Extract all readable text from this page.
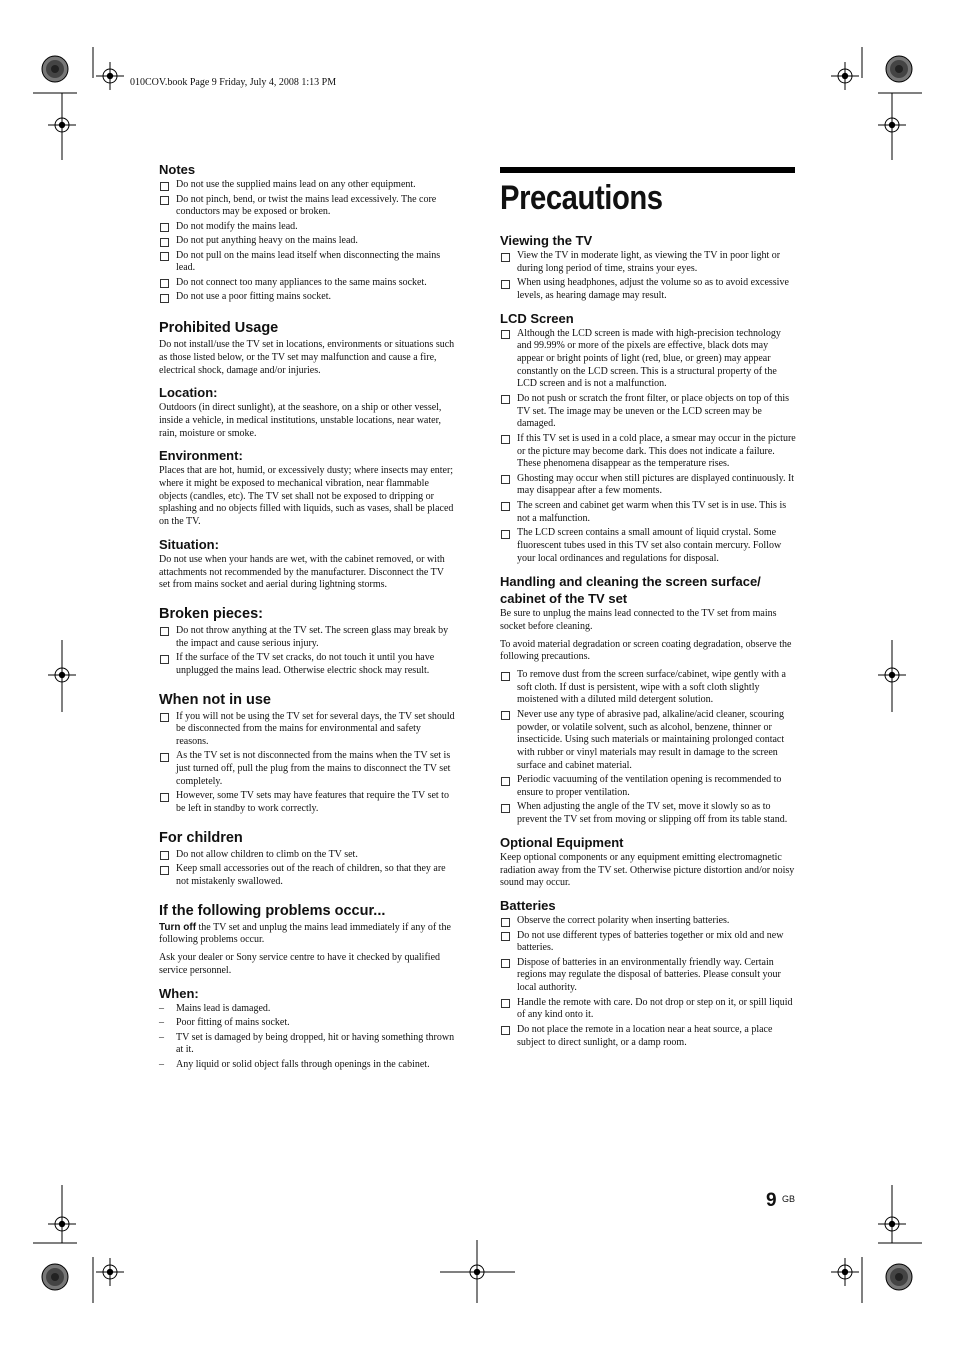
010COV.book Page 9 Friday, July 4, 2008 1:13 PM
Notes
Do not use the supplied mains lead on any other equipment.
Do not pinch, bend, or twist the mains lead excessively. The core conductors may be exposed or broken.
Do not modify the mains lead.
Do not put anything heavy on the mains lead.
Do not pull on the mains lead itself when disconnecting the mains lead.
Do not connect too many appliances to the same mains socket.
Do not use a poor fitting mains socket.
Prohibited Usage

Do not install/use the TV set in locations, environments or situations such as those listed below, or the TV set may malfunction and cause a fire, electrical shock, damage and/or injuries.

Location:

Outdoors (in direct sunlight), at the seashore, on a ship or other vessel, inside a vehicle, in medical institutions, unstable locations, near water, rain, moisture or smoke.

Environment:

Places that are hot, humid, or excessively dusty; where insects may enter; where it might be exposed to mechanical vibration, near flammable objects (candles, etc). The TV set shall not be exposed to dripping or splashing and no objects filled with liquids, such as vases, shall be placed on the TV.

Situation:

Do not use when your hands are wet, with the cabinet removed, or with attachments not recommended by the manufacturer. Disconnect the TV set from mains socket and aerial during lightning storms.

Broken pieces:
Do not throw anything at the TV set. The screen glass may break by the impact and cause serious injury.
If the surface of the TV set cracks, do not touch it until you have unplugged the mains lead. Otherwise electric shock may result.
When not in use
If you will not be using the TV set for several days, the TV set should be disconnected from the mains for environmental and safety reasons.
As the TV set is not disconnected from the mains when the TV set is just turned off, pull the plug from the mains to disconnect the TV set completely.
However, some TV sets may have features that require the TV set to be left in standby to work correctly.
For children
Do not allow children to climb on the TV set.
Keep small accessories out of the reach of children, so that they are not mistakenly swallowed.
If the following problems occur...

Turn off the TV set and unplug the mains lead immediately if any of the following problems occur.

Ask your dealer or Sony service centre to have it checked by qualified service personnel.

When:
– Mains lead is damaged.
– Poor fitting of mains socket.
– TV set is damaged by being dropped, hit or having something thrown at it.
– Any liquid or solid object falls through openings in the cabinet.
Precautions
Viewing the TV
View the TV in moderate light, as viewing the TV in poor light or during long period of time, strains your eyes.
When using headphones, adjust the volume so as to avoid excessive levels, as hearing damage may result.
LCD Screen
Although the LCD screen is made with high-precision technology and 99.99% or more of the pixels are effective, black dots may appear or bright points of light (red, blue, or green) may appear constantly on the LCD screen. This is a structural property of the LCD screen and is not a malfunction.
Do not push or scratch the front filter, or place objects on top of this TV set. The image may be uneven or the LCD screen may be damaged.
If this TV set is used in a cold place, a smear may occur in the picture or the picture may become dark. This does not indicate a failure. These phenomena disappear as the temperature rises.
Ghosting may occur when still pictures are displayed continuously. It may disappear after a few moments.
The screen and cabinet get warm when this TV set is in use. This is not a malfunction.
The LCD screen contains a small amount of liquid crystal. Some fluorescent tubes used in this TV set also contain mercury. Follow your local ordinances and regulations for disposal.
Handling and cleaning the screen surface/ cabinet of the TV set

Be sure to unplug the mains lead connected to the TV set from mains socket before cleaning.

To avoid material degradation or screen coating degradation, observe the following precautions.

To remove dust from the screen surface/cabinet, wipe gently with a soft cloth. If dust is persistent, wipe with a soft cloth slightly moistened with a diluted mild detergent solution.
Never use any type of abrasive pad, alkaline/acid cleaner, scouring powder, or volatile solvent, such as alcohol, benzene, thinner or insecticide. Using such materials or maintaining prolonged contact with rubber or vinyl materials may result in damage to the screen surface and cabinet material.
Periodic vacuuming of the ventilation opening is recommended to ensure to proper ventilation.
When adjusting the angle of the TV set, move it slowly so as to prevent the TV set from moving or slipping off from its table stand.
Optional Equipment

Keep optional components or any equipment emitting electromagnetic radiation away from the TV set. Otherwise picture distortion and/or noisy sound may occur.

Batteries
Observe the correct polarity when inserting batteries.
Do not use different types of batteries together or mix old and new batteries.
Dispose of batteries in an environmentally friendly way. Certain regions may regulate the disposal of batteries. Please consult your local authority.
Handle the remote with care. Do not drop or step on it, or spill liquid of any kind onto it.
Do not place the remote in a location near a heat source, a place subject to direct sunlight, or a damp room.
9 GB
